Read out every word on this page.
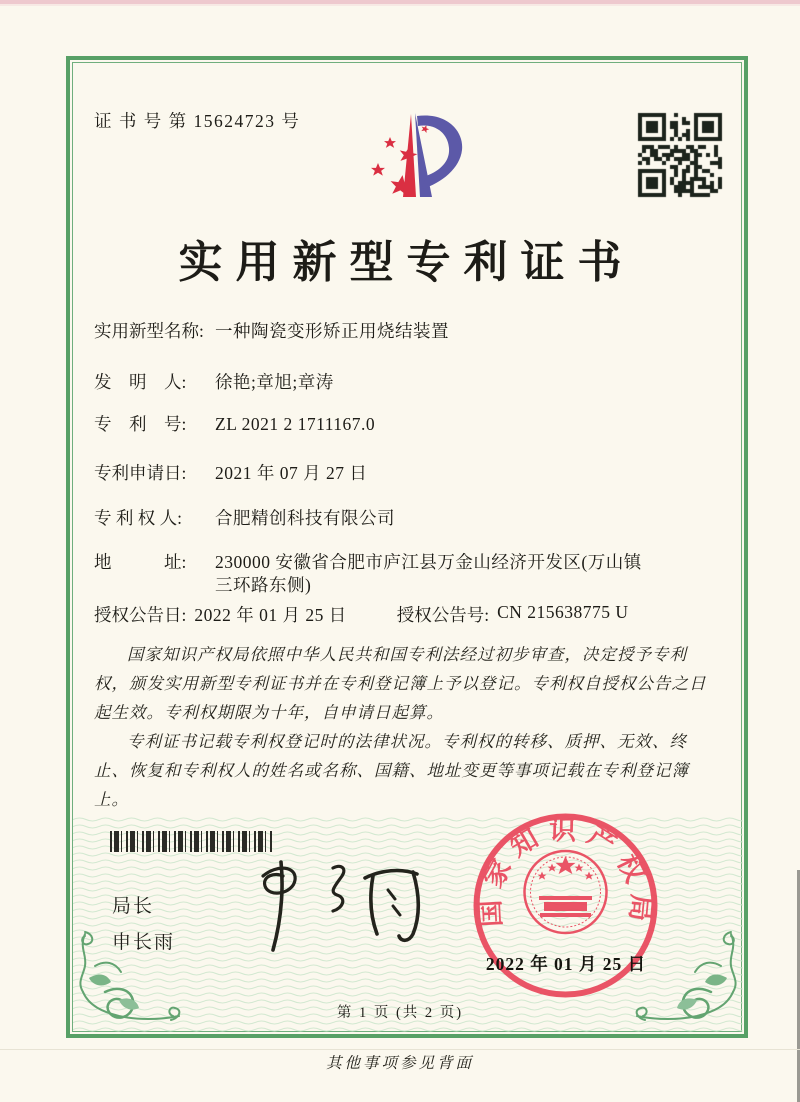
证 书 号 第 15624723 号
实用新型专利证书
实用新型名称: 一种陶瓷变形矫正用烧结装置
发　明　人:	徐艳;章旭;章涛
专　利　号:	ZL 2021 2 1711167.0
专利申请日:	2021 年 07 月 27 日
专 利 权 人:	合肥精创科技有限公司
地　　　址:	230000 安徽省合肥市庐江县万金山经济开发区(万山镇三环路东侧)
授权公告日: 2022 年 01 月 25 日	授权公告号: CN 215638775 U

国家知识产权局依照中华人民共和国专利法经过初步审查，决定授予专利权，颁发实用新型专利证书并在专利登记簿上予以登记。专利权自授权公告之日起生效。专利权期限为十年，自申请日起算。

专利证书记载专利权登记时的法律状况。专利权的转移、质押、无效、终止、恢复和专利权人的姓名或名称、国籍、地址变更等事项记载在专利登记簿上。

局长
申长雨
国家知识产权局
2022 年 01 月 25 日
第 1 页 (共 2 页)
其他事项参见背面
